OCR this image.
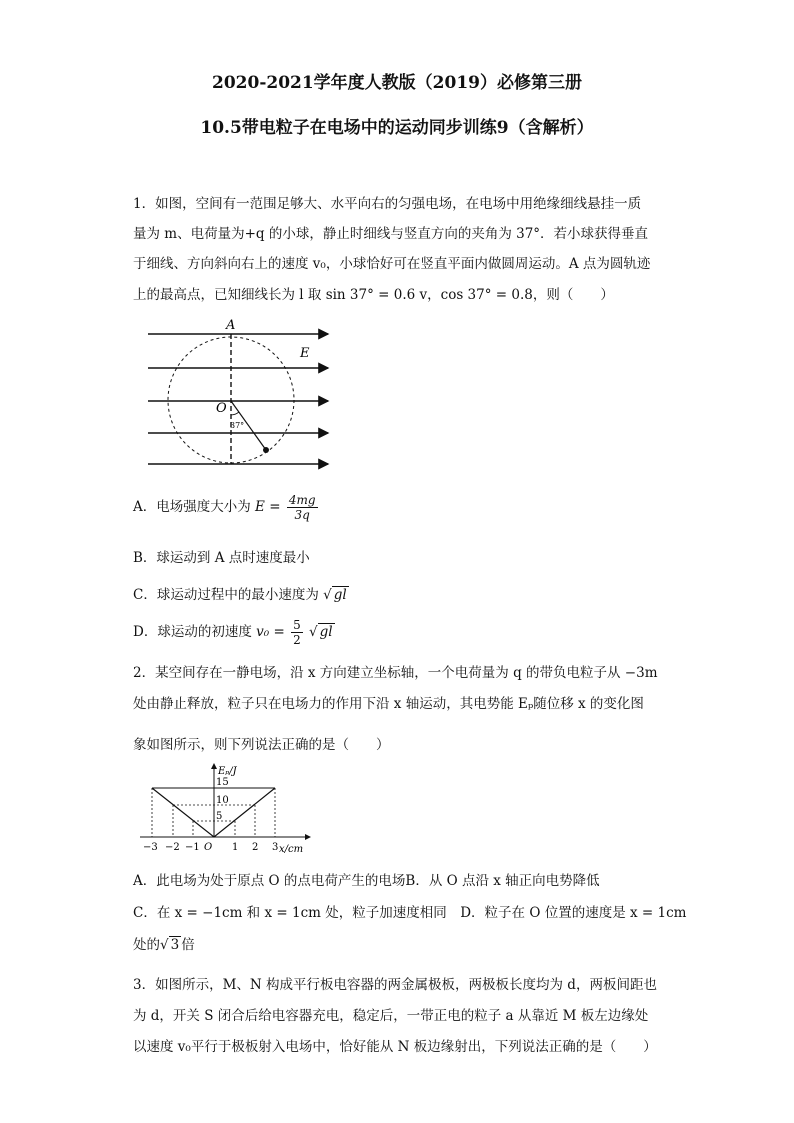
2020-2021学年度人教版（2019）必修第三册
10.5带电粒子在电场中的运动同步训练9（含解析）
1．如图，空间有一范围足够大、水平向右的匀强电场，在电场中用绝缘细线悬挂一质
量为 m、电荷量为+q 的小球，静止时细线与竖直方向的夹角为 37°．若小球获得垂直
于细线、方向斜向右上的速度 v₀，小球恰好可在竖直平面内做圆周运动。A 点为圆轨迹
上的最高点，已知细线长为 l 取 sin 37° = 0.6 v，cos 37° = 0.8，则（　　）
A
E
O
37°
A．电场强度大小为 $E = \frac{4mg}{3q}$
B．球运动到 A 点时速度最小
C．球运动过程中的最小速度为 √ gl
D．球运动的初速度 $v_0 = \frac{5}{2}$ √ gl
2．某空间存在一静电场，沿 x 方向建立坐标轴，一个电荷量为 q 的带负电粒子从 −3m
处由静止释放，粒子只在电场力的作用下沿 x 轴运动，其电势能 Eₚ随位移 x 的变化图
象如图所示，则下列说法正确的是（　　）
Eₚ/J
x/cm
O
15
10
5
−3 −2 −1	1 2 3
A．此电场为处于原点 O 的点电荷产生的电场B．从 O 点沿 x 轴正向电势降低
C．在 x = −1cm 和 x = 1cm 处，粒子加速度相同　D．粒子在 O 位置的速度是 x = 1cm
处的√ 3 倍
3．如图所示，M、N 构成平行板电容器的两金属极板，两极板长度均为 d，两板间距也
为 d，开关 S 闭合后给电容器充电，稳定后，一带正电的粒子 a 从靠近 M 板左边缘处
以速度 v₀平行于极板射入电场中，恰好能从 N 板边缘射出，下列说法正确的是（　　）
